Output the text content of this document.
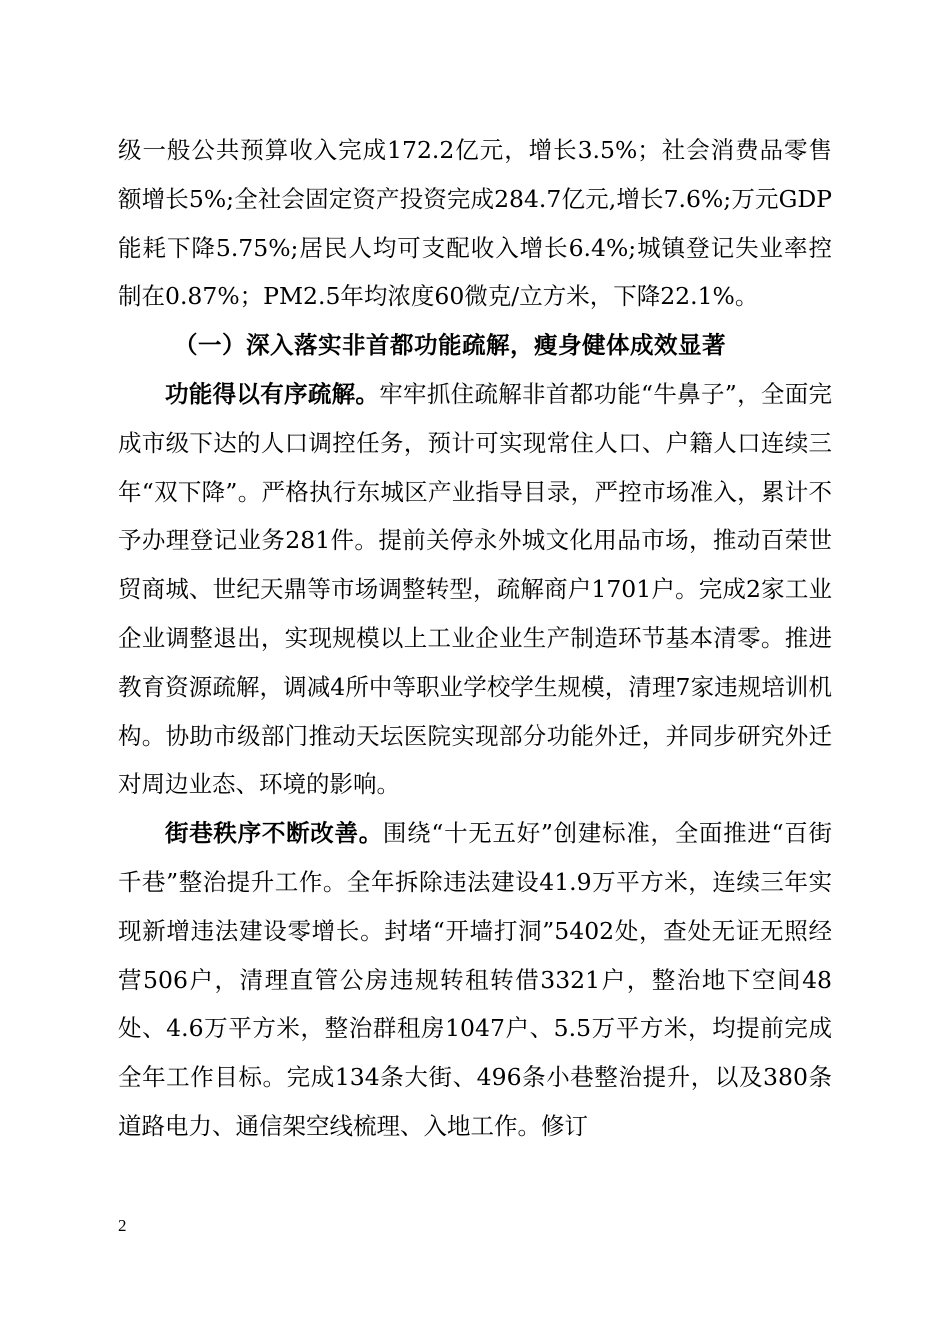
级一般公共预算收入完成172.2亿元，增长3.5%；社会消费品零售额增长5%;全社会固定资产投资完成284.7亿元,增长7.6%;万元GDP能耗下降5.75%;居民人均可支配收入增长6.4%;城镇登记失业率控制在0.87%；PM2.5年均浓度60微克/立方米，下降22.1%。

（一）深入落实非首都功能疏解，瘦身健体成效显著

功能得以有序疏解。牢牢抓住疏解非首都功能“牛鼻子”，全面完成市级下达的人口调控任务，预计可实现常住人口、户籍人口连续三年“双下降”。严格执行东城区产业指导目录，严控市场准入，累计不予办理登记业务281件。提前关停永外城文化用品市场，推动百荣世贸商城、世纪天鼎等市场调整转型，疏解商户1701户。完成2家工业企业调整退出，实现规模以上工业企业生产制造环节基本清零。推进教育资源疏解，调减4所中等职业学校学生规模，清理7家违规培训机构。协助市级部门推动天坛医院实现部分功能外迁，并同步研究外迁对周边业态、环境的影响。

街巷秩序不断改善。围绕“十无五好”创建标准，全面推进“百街千巷”整治提升工作。全年拆除违法建设41.9万平方米，连续三年实现新增违法建设零增长。封堵“开墙打洞”5402处，查处无证无照经营506户，清理直管公房违规转租转借3321户，整治地下空间48处、4.6万平方米，整治群租房1047户、5.5万平方米，均提前完成全年工作目标。完成134条大街、496条小巷整治提升，以及380条道路电力、通信架空线梳理、入地工作。修订

2
